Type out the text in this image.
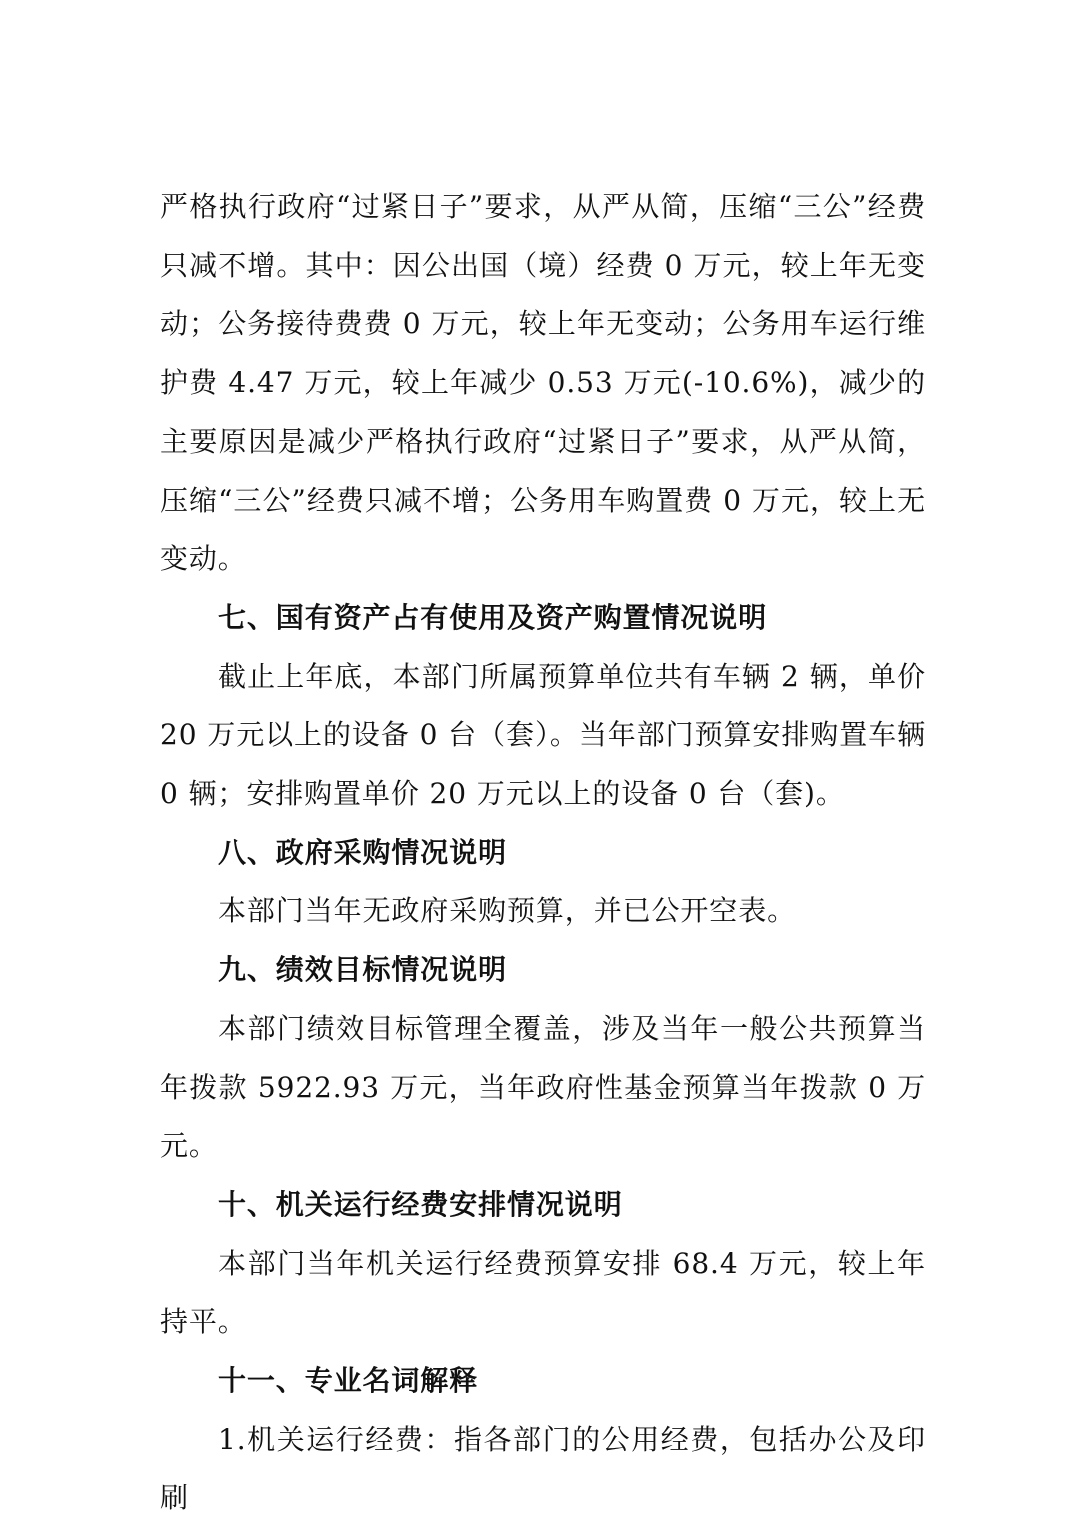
严格执行政府“过紧日子”要求，从严从简，压缩“三公”经费只减不增。其中：因公出国（境）经费 0 万元，较上年无变动；公务接待费费 0 万元，较上年无变动；公务用车运行维护费 4.47 万元，较上年减少 0.53 万元(-10.6%)，减少的主要原因是减少严格执行政府“过紧日子”要求，从严从简，压缩“三公”经费只减不增；公务用车购置费 0 万元，较上无变动。

七、国有资产占有使用及资产购置情况说明

截止上年底，本部门所属预算单位共有车辆 2 辆，单价 20 万元以上的设备 0 台（套）。当年部门预算安排购置车辆 0 辆；安排购置单价 20 万元以上的设备 0 台（套)。

八、政府采购情况说明

本部门当年无政府采购预算，并已公开空表。

九、绩效目标情况说明

本部门绩效目标管理全覆盖，涉及当年一般公共预算当年拨款 5922.93 万元，当年政府性基金预算当年拨款 0 万元。

十、机关运行经费安排情况说明

本部门当年机关运行经费预算安排 68.4 万元，较上年持平。

十一、专业名词解释

1.机关运行经费：指各部门的公用经费，包括办公及印刷
